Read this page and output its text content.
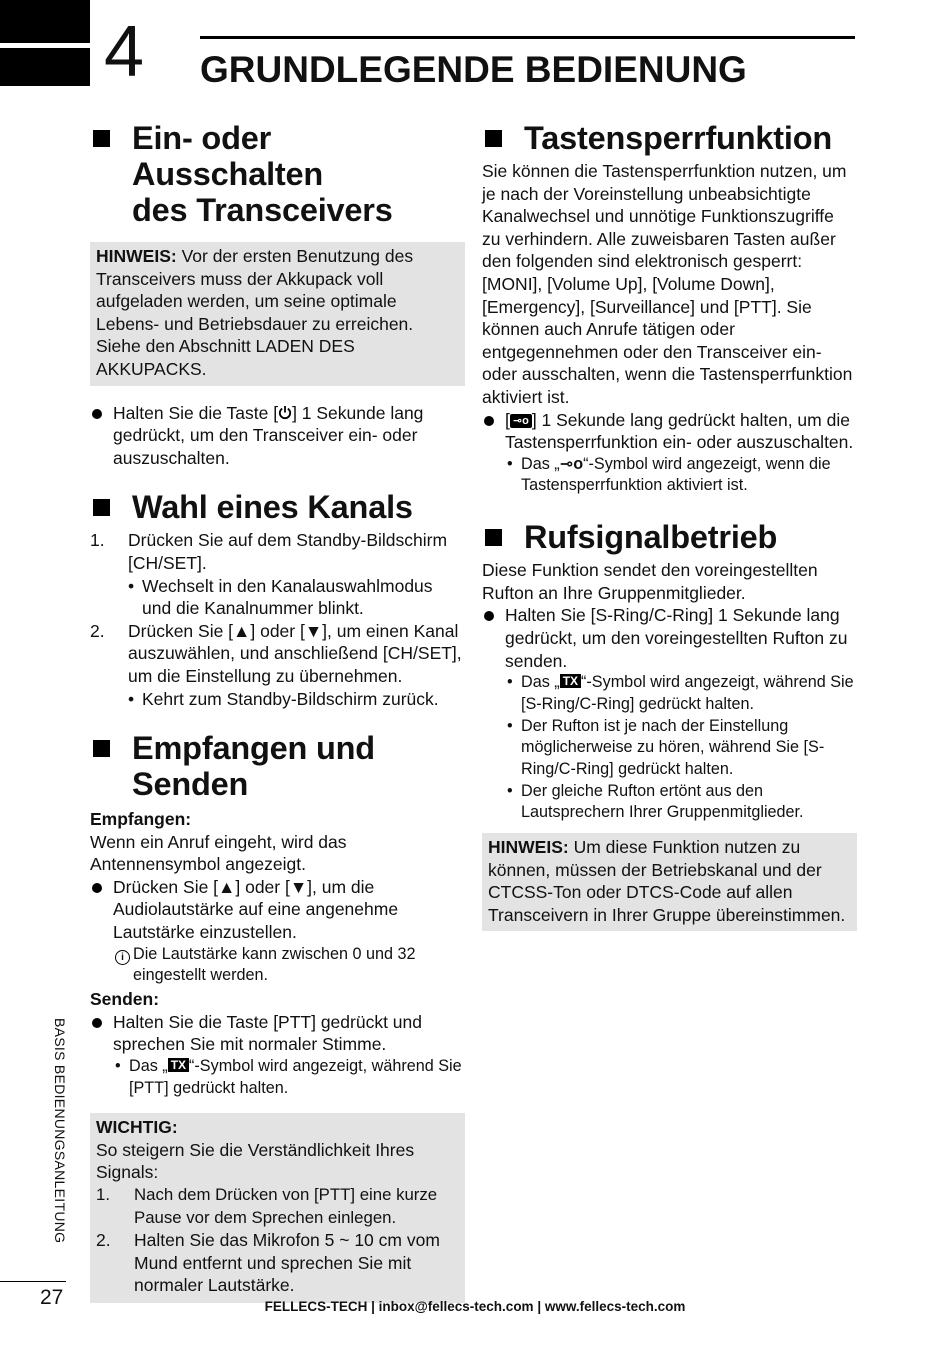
4 GRUNDLEGENDE BEDIENUNG
Ein- oder Ausschalten
des Transceivers
HINWEIS: Vor der ersten Benutzung des Transceivers muss der Akkupack voll aufgeladen werden, um seine optimale Lebens- und Betriebsdauer zu erreichen. Siehe den Abschnitt LADEN DES AKKUPACKS.
Halten Sie die Taste [ ] 1 Sekunde lang gedrückt, um den Transceiver ein- oder auszuschalten.
Wahl eines Kanals
1. Drücken Sie auf dem Standby-Bildschirm [CH/SET].
• Wechselt in den Kanalauswahlmodus und die Kanalnummer blinkt.
2. Drücken Sie [▲] oder [▼], um einen Kanal auszuwählen, und anschließend [CH/SET], um die Einstellung zu übernehmen.
• Kehrt zum Standby-Bildschirm zurück.
Empfangen und Senden
Empfangen:
Wenn ein Anruf eingeht, wird das Antennensymbol angezeigt.
Drücken Sie [▲] oder [▼], um die Audiolautstärke auf eine angenehme Lautstärke einzustellen.
i Die Lautstärke kann zwischen 0 und 32 eingestellt werden.
Senden:
Halten Sie die Taste [PTT] gedrückt und sprechen Sie mit normaler Stimme.
• Das „ TX “-Symbol wird angezeigt, während Sie [PTT] gedrückt halten.
WICHTIG:
So steigern Sie die Verständlichkeit Ihres Signals:
1. Nach dem Drücken von [PTT] eine kurze Pause vor dem Sprechen einlegen.
2. Halten Sie das Mikrofon 5 ~ 10 cm vom Mund entfernt und sprechen Sie mit normaler Lautstärke.
Tastensperrfunktion
Sie können die Tastensperrfunktion nutzen, um je nach der Voreinstellung unbeabsichtigte Kanalwechsel und unnötige Funktionszugriffe zu verhindern. Alle zuweisbaren Tasten außer den folgenden sind elektronisch gesperrt: [MONI], [Volume Up], [Volume Down], [Emergency], [Surveillance] und [PTT]. Sie können auch Anrufe tätigen oder entgegennehmen oder den Transceiver ein- oder ausschalten, wenn die Tastensperrfunktion aktiviert ist.
[ ⊸o ] 1 Sekunde lang gedrückt halten, um die Tastensperrfunktion ein- oder auszuschalten.
• Das „⊸o“-Symbol wird angezeigt, wenn die Tastensperrfunktion aktiviert ist.
Rufsignalbetrieb
Diese Funktion sendet den voreingestellten Rufton an Ihre Gruppenmitglieder.
Halten Sie [S-Ring/C-Ring] 1 Sekunde lang gedrückt, um den voreingestellten Rufton zu senden.
• Das „ TX “-Symbol wird angezeigt, während Sie [S-Ring/C-Ring] gedrückt halten.
• Der Rufton ist je nach der Einstellung möglicherweise zu hören, während Sie [S-Ring/C-Ring] gedrückt halten.
• Der gleiche Rufton ertönt aus den Lautsprechern Ihrer Gruppenmitglieder.
HINWEIS: Um diese Funktion nutzen zu können, müssen der Betriebskanal und der CTCSS-Ton oder DTCS-Code auf allen Transceivern in Ihrer Gruppe übereinstimmen.
BASIS BEDIENUNGSANLEITUNG
27	FELLECS-TECH | inbox@fellecs-tech.com | www.fellecs-tech.com
